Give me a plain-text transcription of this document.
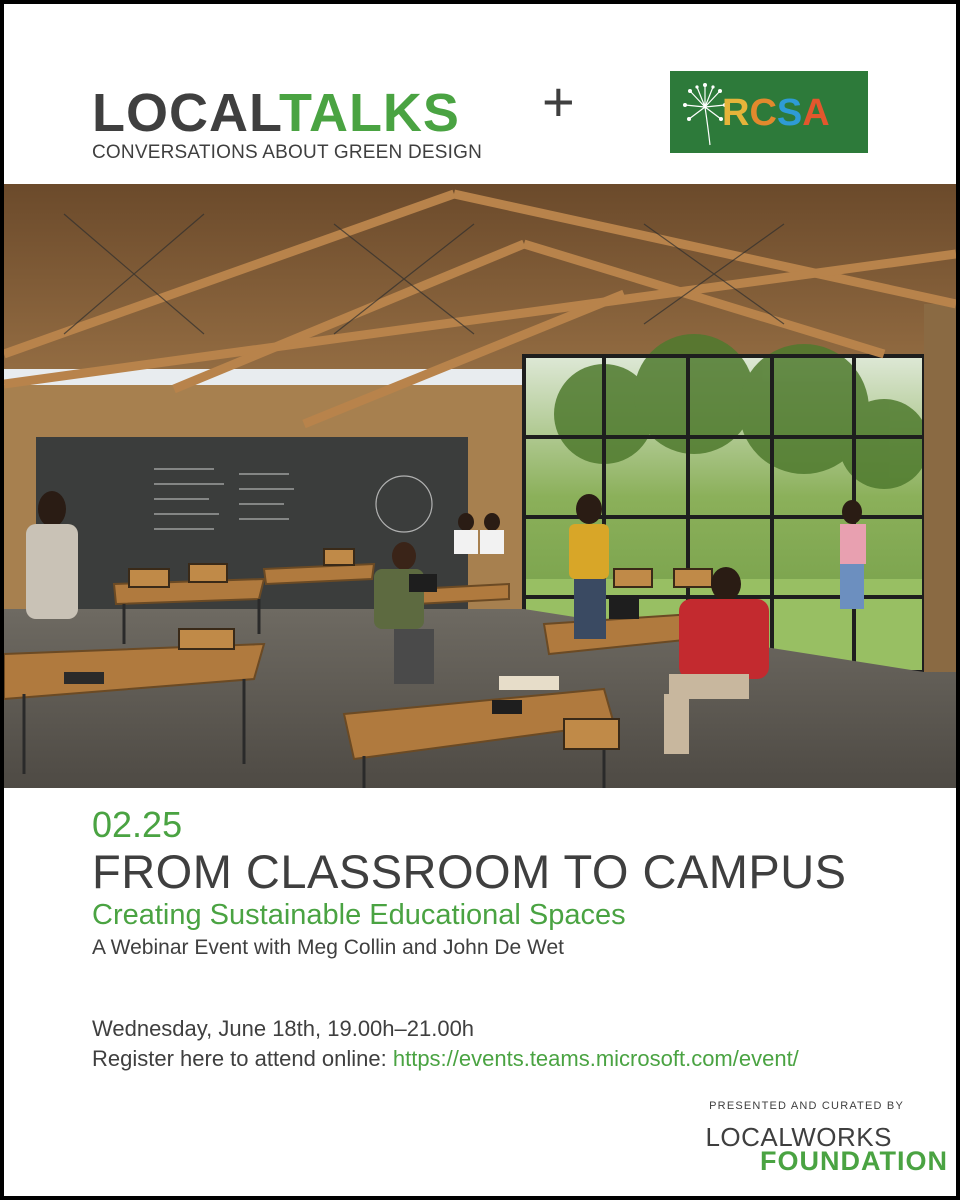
LOCALTALKS
CONVERSATIONS ABOUT GREEN DESIGN
+	RCSA
02.25
FROM CLASSROOM TO CAMPUS
Creating Sustainable Educational Spaces
A Webinar Event with Meg Collin and John De Wet
Wednesday, June 18th, 19.00h–21.00h
Register here to attend online: https://events.teams.microsoft.com/event/
PRESENTED AND CURATED BY
LOCALWORKS
FOUNDATION
